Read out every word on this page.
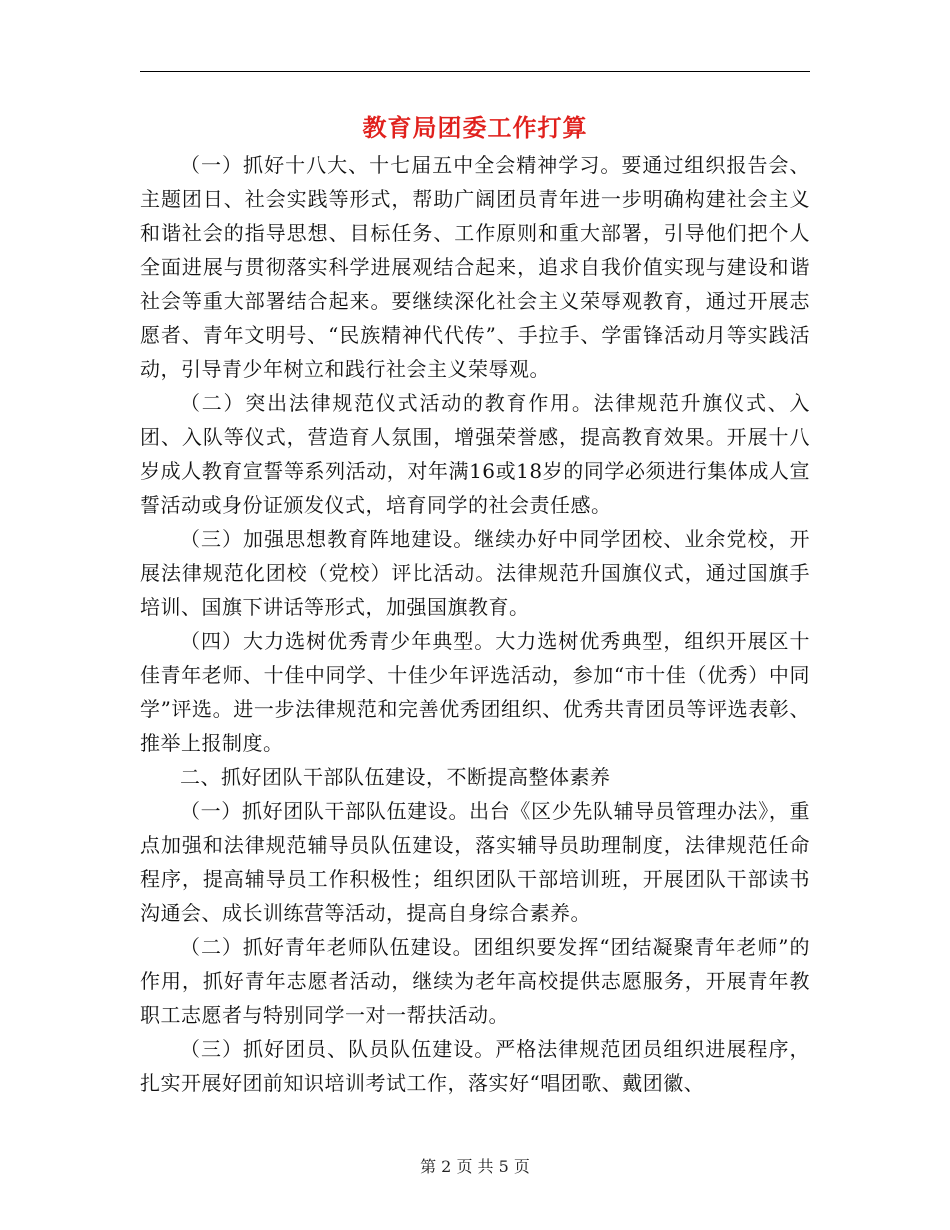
教育局团委工作打算

（一）抓好十八大、十七届五中全会精神学习。要通过组织报告会、主题团日、社会实践等形式，帮助广阔团员青年进一步明确构建社会主义和谐社会的指导思想、目标任务、工作原则和重大部署，引导他们把个人全面进展与贯彻落实科学进展观结合起来，追求自我价值实现与建设和谐社会等重大部署结合起来。要继续深化社会主义荣辱观教育，通过开展志愿者、青年文明号、“民族精神代代传”、手拉手、学雷锋活动月等实践活动，引导青少年树立和践行社会主义荣辱观。

（二）突出法律规范仪式活动的教育作用。法律规范升旗仪式、入团、入队等仪式，营造育人氛围，增强荣誉感，提高教育效果。开展十八岁成人教育宣誓等系列活动，对年满16或18岁的同学必须进行集体成人宣誓活动或身份证颁发仪式，培育同学的社会责任感。

（三）加强思想教育阵地建设。继续办好中同学团校、业余党校，开展法律规范化团校（党校）评比活动。法律规范升国旗仪式，通过国旗手培训、国旗下讲话等形式，加强国旗教育。

（四）大力选树优秀青少年典型。大力选树优秀典型，组织开展区十佳青年老师、十佳中同学、十佳少年评选活动，参加“市十佳（优秀）中同学”评选。进一步法律规范和完善优秀团组织、优秀共青团员等评选表彰、推举上报制度。

二、抓好团队干部队伍建设，不断提高整体素养

（一）抓好团队干部队伍建设。出台《区少先队辅导员管理办法》，重点加强和法律规范辅导员队伍建设，落实辅导员助理制度，法律规范任命程序，提高辅导员工作积极性；组织团队干部培训班，开展团队干部读书沟通会、成长训练营等活动，提高自身综合素养。

（二）抓好青年老师队伍建设。团组织要发挥“团结凝聚青年老师”的作用，抓好青年志愿者活动，继续为老年高校提供志愿服务，开展青年教职工志愿者与特别同学一对一帮扶活动。

（三）抓好团员、队员队伍建设。严格法律规范团员组织进展程序，扎实开展好团前知识培训考试工作，落实好“唱团歌、戴团徽、

第 2 页 共 5 页
